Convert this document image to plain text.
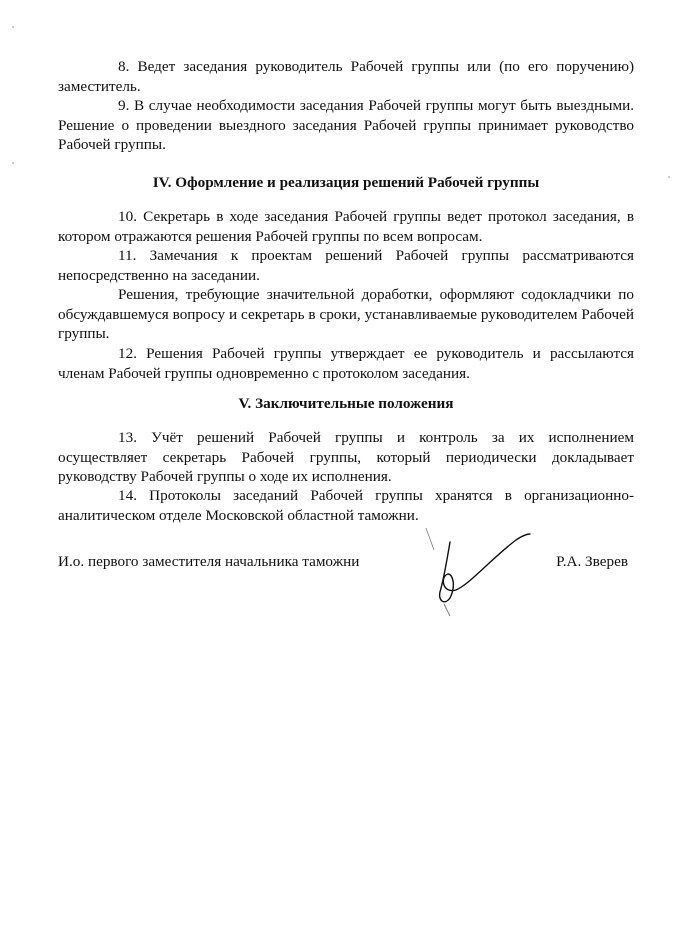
8. Ведет заседания руководитель Рабочей группы или (по его поручению) заместитель.
9. В случае необходимости заседания Рабочей группы могут быть выездными. Решение о проведении выездного заседания Рабочей группы принимает руководство Рабочей группы.
IV. Оформление и реализация решений Рабочей группы
10. Секретарь в ходе заседания Рабочей группы ведет протокол заседания, в котором отражаются решения Рабочей группы по всем вопросам.
11. Замечания к проектам решений Рабочей группы рассматриваются непосредственно на заседании.
Решения, требующие значительной доработки, оформляют содокладчики по обсуждавшемуся вопросу и секретарь в сроки, устанавливаемые руководителем Рабочей группы.
12. Решения Рабочей группы утверждает ее руководитель и рассылаются членам Рабочей группы одновременно с протоколом заседания.
V. Заключительные положения
13. Учёт решений Рабочей группы и контроль за их исполнением осуществляет секретарь Рабочей группы, который периодически докладывает руководству Рабочей группы о ходе их исполнения.
14. Протоколы заседаний Рабочей группы хранятся в организационно-аналитическом отделе Московской областной таможни.
И.о. первого заместителя начальника таможни	Р.А. Зверев
